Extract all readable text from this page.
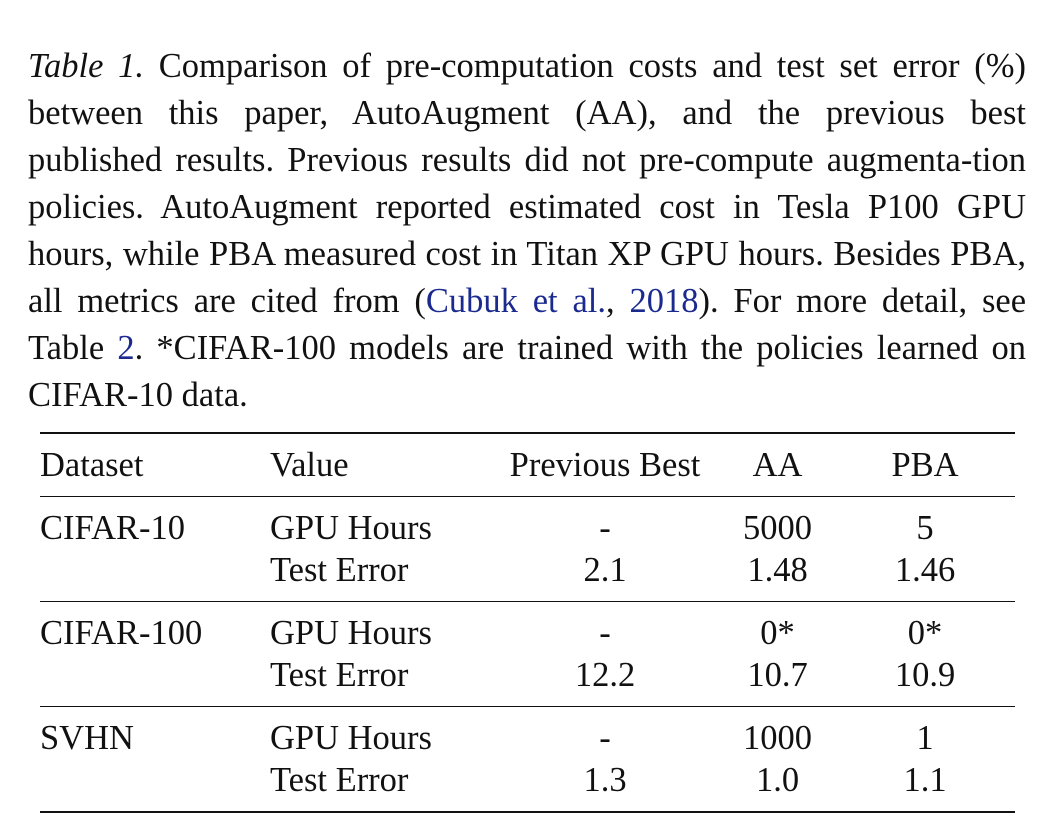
Table 1. Comparison of pre-computation costs and test set error (%) between this paper, AutoAugment (AA), and the previous best published results. Previous results did not pre-compute augmenta-tion policies. AutoAugment reported estimated cost in Tesla P100 GPU hours, while PBA measured cost in Titan XP GPU hours. Besides PBA, all metrics are cited from (Cubuk et al., 2018). For more detail, see Table 2. *CIFAR-100 models are trained with the policies learned on CIFAR-10 data.

Dataset	Value	Previous Best	AA	PBA
CIFAR-10	GPU Hours	-	5000	5
	Test Error	2.1	1.48	1.46
CIFAR-100	GPU Hours	-	0*	0*
	Test Error	12.2	10.7	10.9
SVHN	GPU Hours	-	1000	1
	Test Error	1.3	1.0	1.1
